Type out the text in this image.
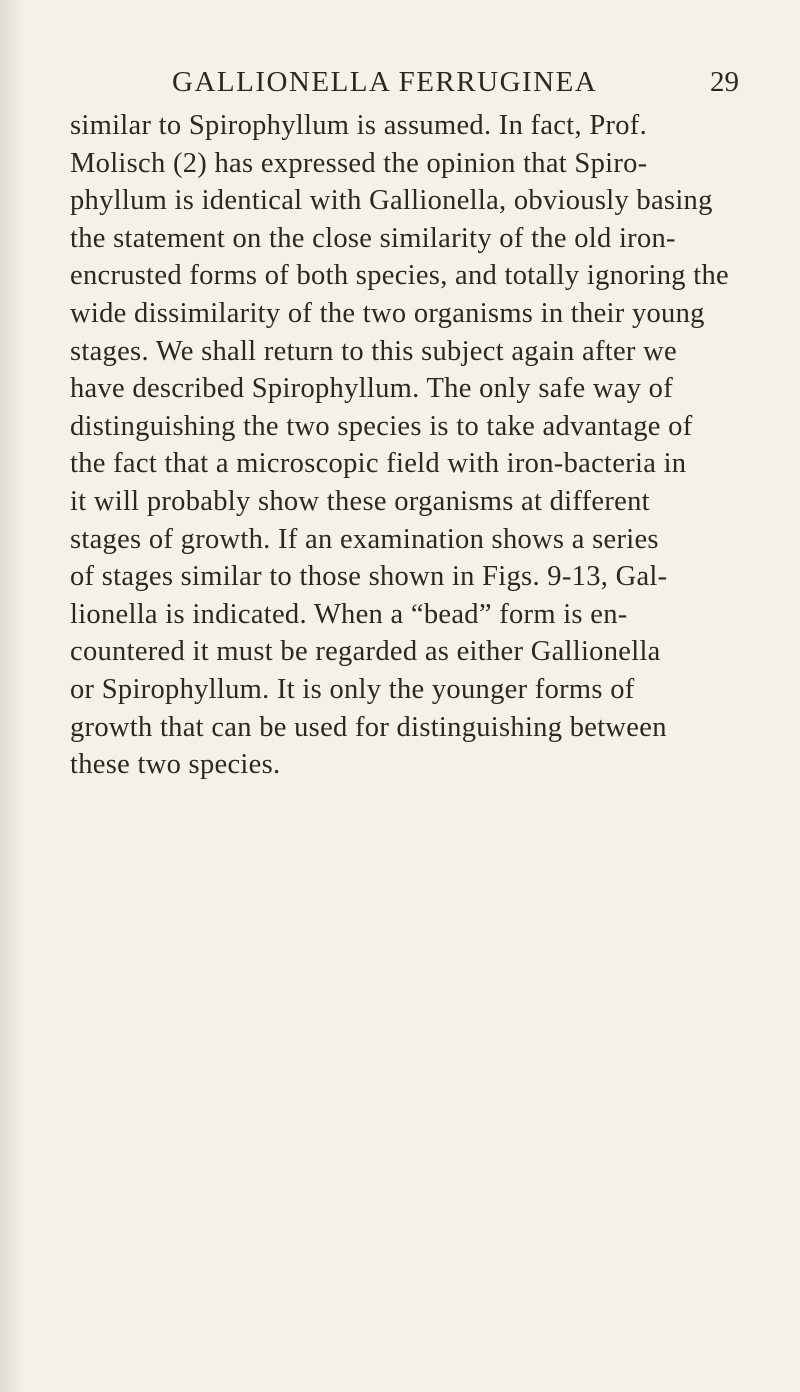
GALLIONELLA FERRUGINEA	29
similar to Spirophyllum is assumed. In fact, Prof.
Molisch (2) has expressed the opinion that Spiro-
phyllum is identical with Gallionella, obviously basing
the statement on the close similarity of the old iron-
encrusted forms of both species, and totally ignoring the
wide dissimilarity of the two organisms in their young
stages. We shall return to this subject again after we
have described Spirophyllum. The only safe way of
distinguishing the two species is to take advantage of
the fact that a microscopic field with iron-bacteria in
it will probably show these organisms at different
stages of growth. If an examination shows a series
of stages similar to those shown in Figs. 9-13, Gal-
lionella is indicated. When a “bead” form is en-
countered it must be regarded as either Gallionella
or Spirophyllum. It is only the younger forms of
growth that can be used for distinguishing between
these two species.
